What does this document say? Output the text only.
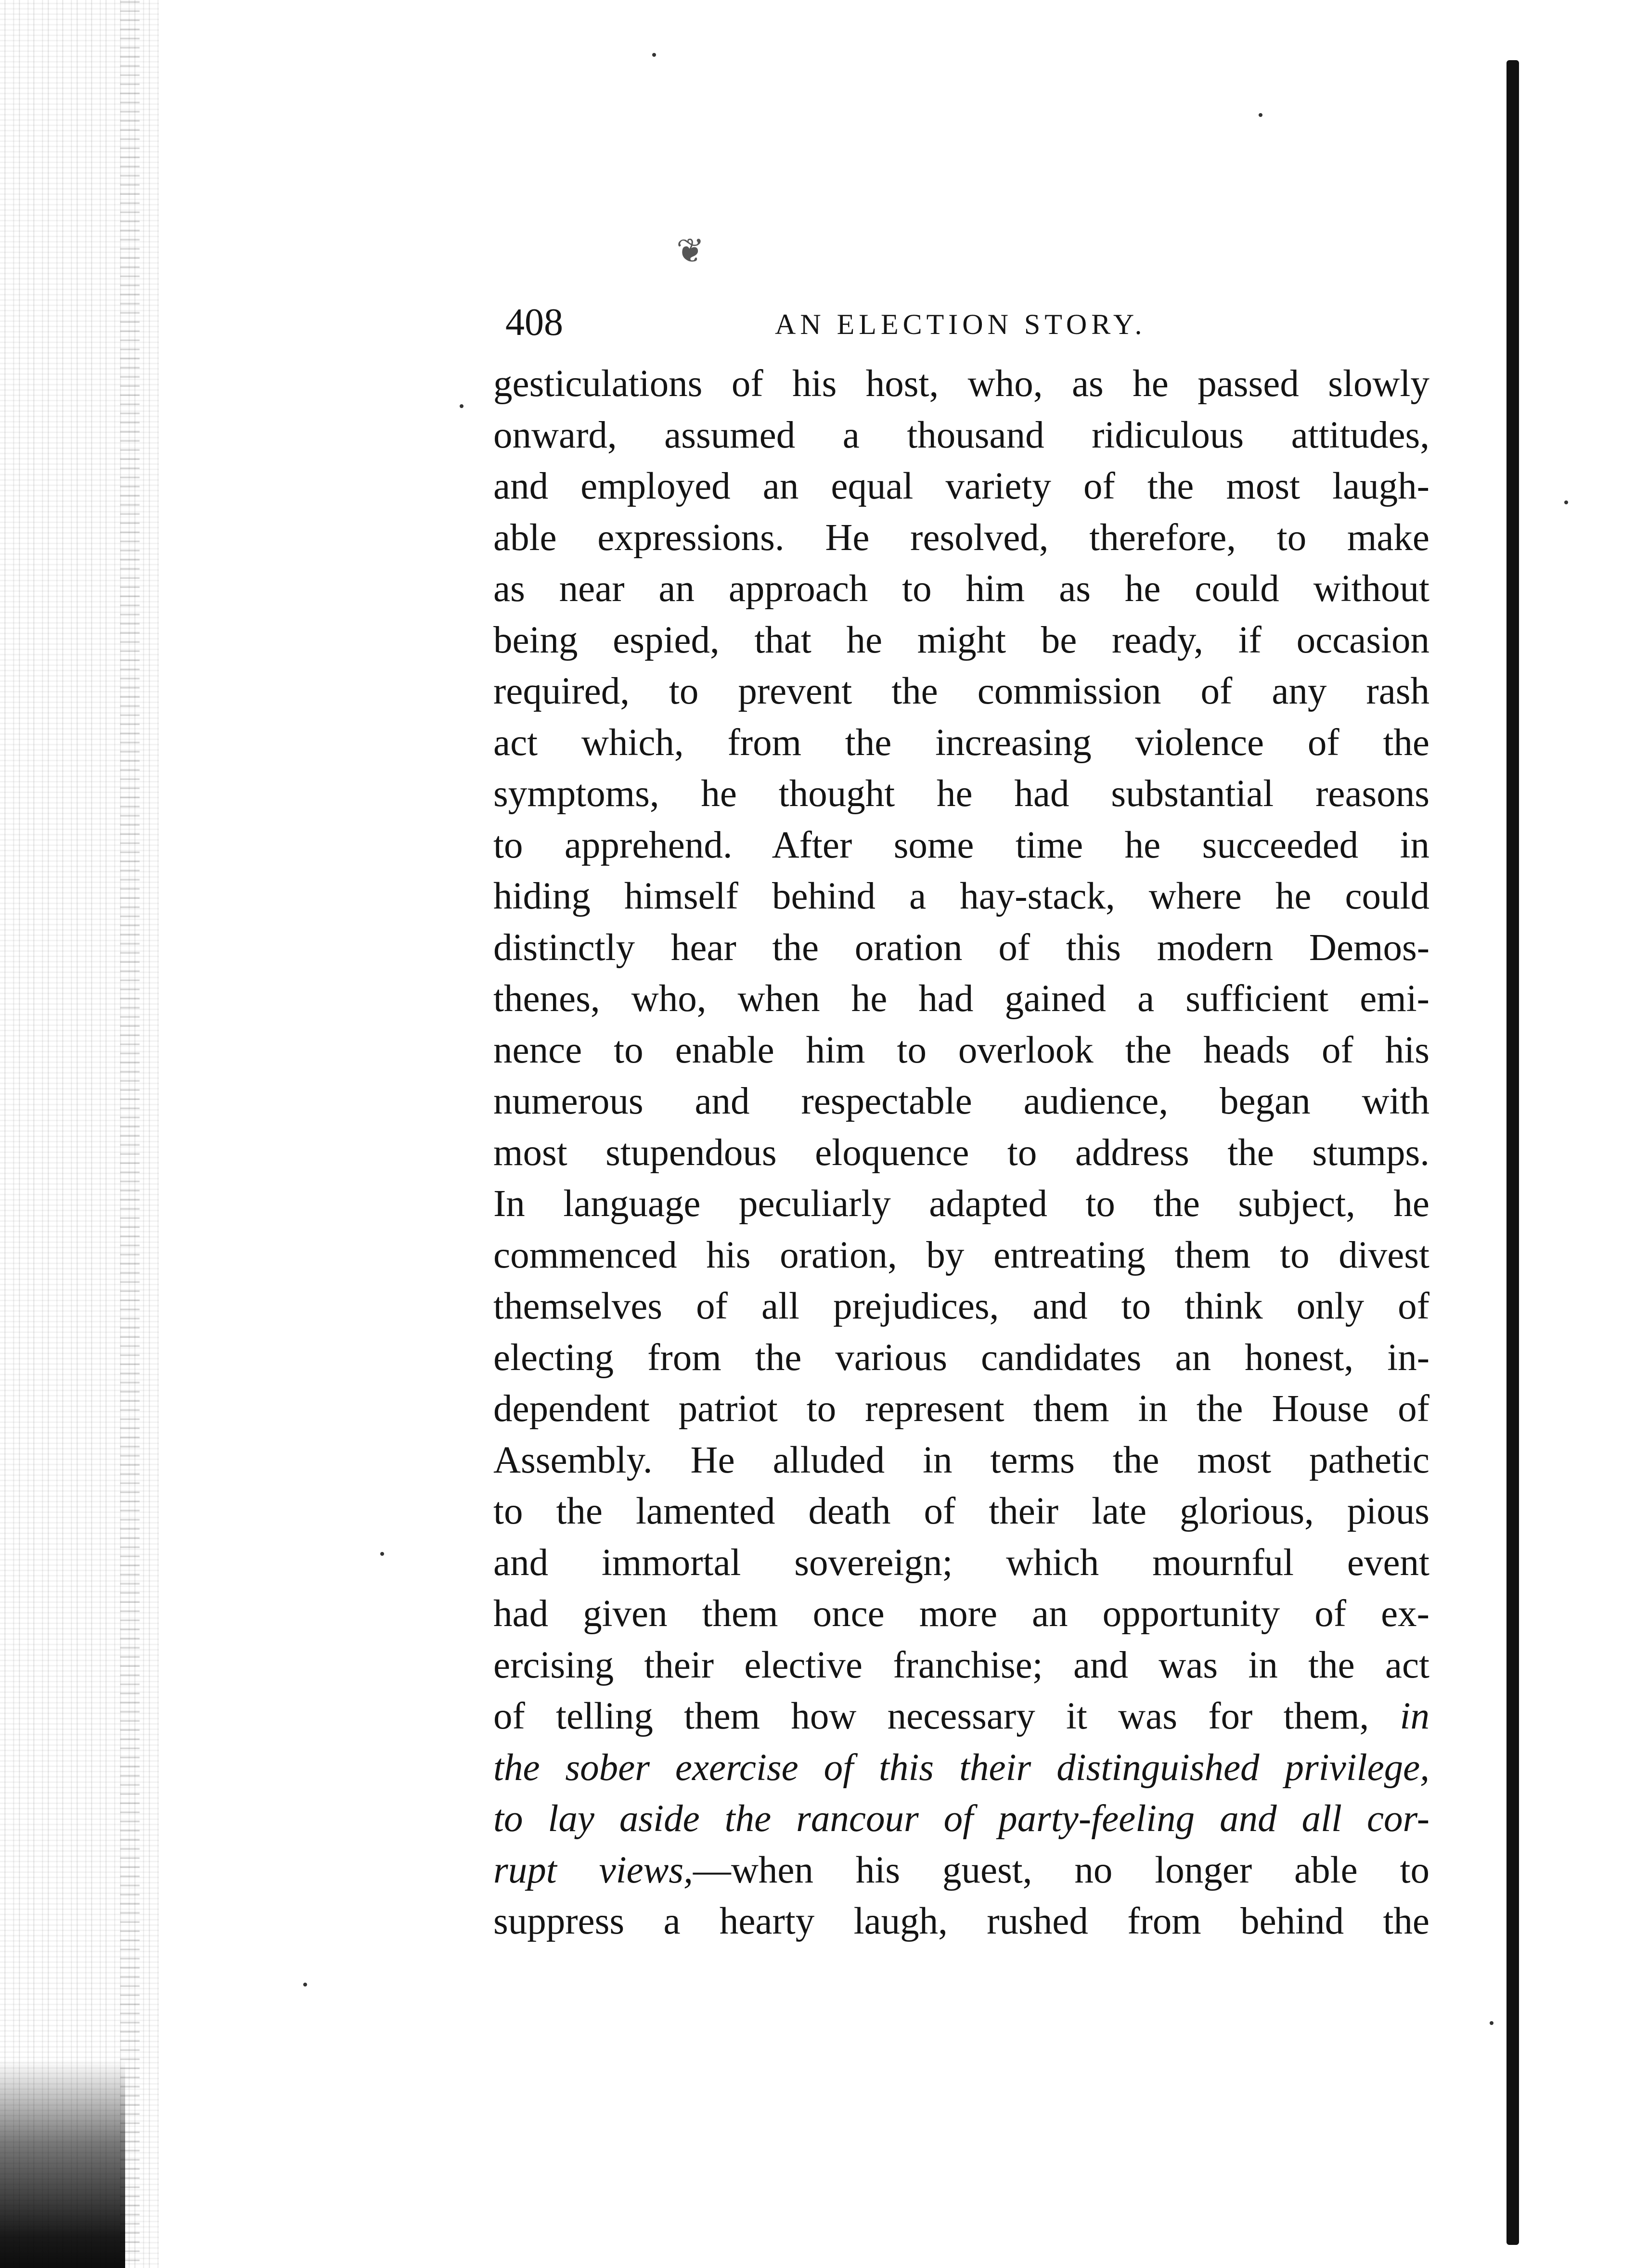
❦
408	AN ELECTION STORY.
gesticulations of his host, who, as he passed slowly
onward, assumed a thousand ridiculous attitudes,
and employed an equal variety of the most laugh-
able expressions. He resolved, therefore, to make
as near an approach to him as he could without
being espied, that he might be ready, if occasion
required, to prevent the commission of any rash
act which, from the increasing violence of the
symptoms, he thought he had substantial reasons
to apprehend. After some time he succeeded in
hiding himself behind a hay-stack, where he could
distinctly hear the oration of this modern Demos-
thenes, who, when he had gained a sufficient emi-
nence to enable him to overlook the heads of his
numerous and respectable audience, began with
most stupendous eloquence to address the stumps.
In language peculiarly adapted to the subject, he
commenced his oration, by entreating them to divest
themselves of all prejudices, and to think only of
electing from the various candidates an honest, in-
dependent patriot to represent them in the House of
Assembly. He alluded in terms the most pathetic
to the lamented death of their late glorious, pious
and immortal sovereign; which mournful event
had given them once more an opportunity of ex-
ercising their elective franchise; and was in the act
of telling them how necessary it was for them, in
the sober exercise of this their distinguished privilege,
to lay aside the rancour of party-feeling and all cor-
rupt views,—when his guest, no longer able to
suppress a hearty laugh, rushed from behind the
